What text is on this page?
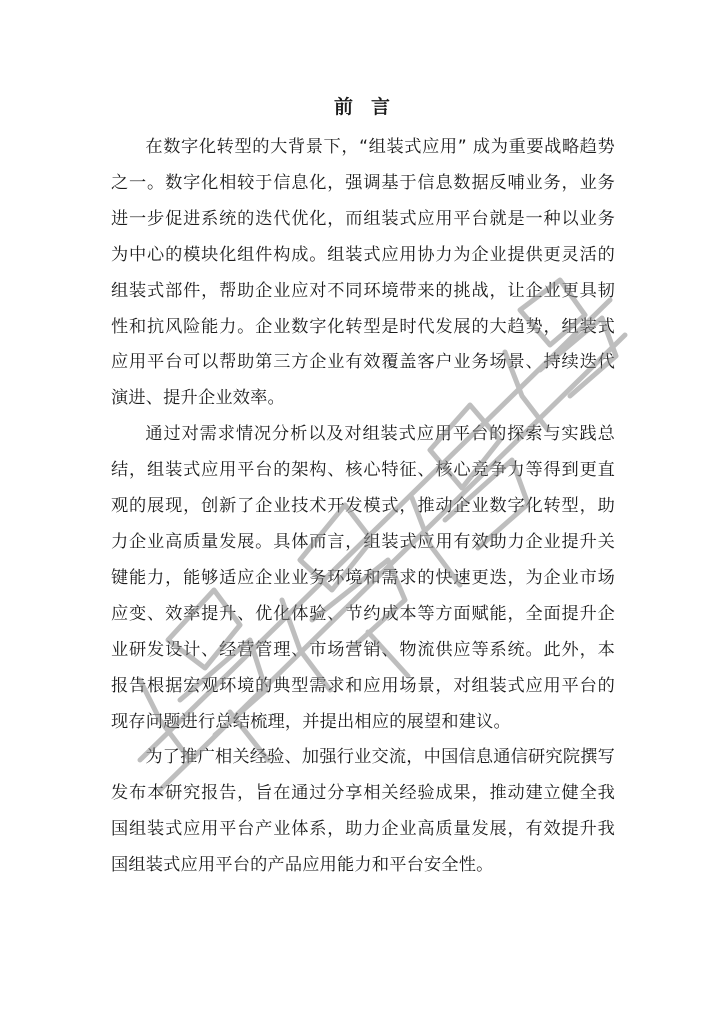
前言

在数字化转型的大背景下，“组装式应用” 成为重要战略趋势之一。数字化相较于信息化，强调基于信息数据反哺业务，业务进一步促进系统的迭代优化，而组装式应用平台就是一种以业务为中心的模块化组件构成。组装式应用协力为企业提供更灵活的组装式部件，帮助企业应对不同环境带来的挑战，让企业更具韧性和抗风险能力。企业数字化转型是时代发展的大趋势，组装式应用平台可以帮助第三方企业有效覆盖客户业务场景、持续迭代演进、提升企业效率。

通过对需求情况分析以及对组装式应用平台的探索与实践总结，组装式应用平台的架构、核心特征、核心竞争力等得到更直观的展现，创新了企业技术开发模式，推动企业数字化转型，助力企业高质量发展。具体而言，组装式应用有效助力企业提升关键能力，能够适应企业业务环境和需求的快速更迭，为企业市场应变、效率提升、优化体验、节约成本等方面赋能，全面提升企业研发设计、经营管理、市场营销、物流供应等系统。此外，本报告根据宏观环境的典型需求和应用场景，对组装式应用平台的现存问题进行总结梳理，并提出相应的展望和建议。

为了推广相关经验、加强行业交流，中国信息通信研究院撰写发布本研究报告，旨在通过分享相关经验成果，推动建立健全我国组装式应用平台产业体系，助力企业高质量发展，有效提升我国组装式应用平台的产品应用能力和平台安全性。
